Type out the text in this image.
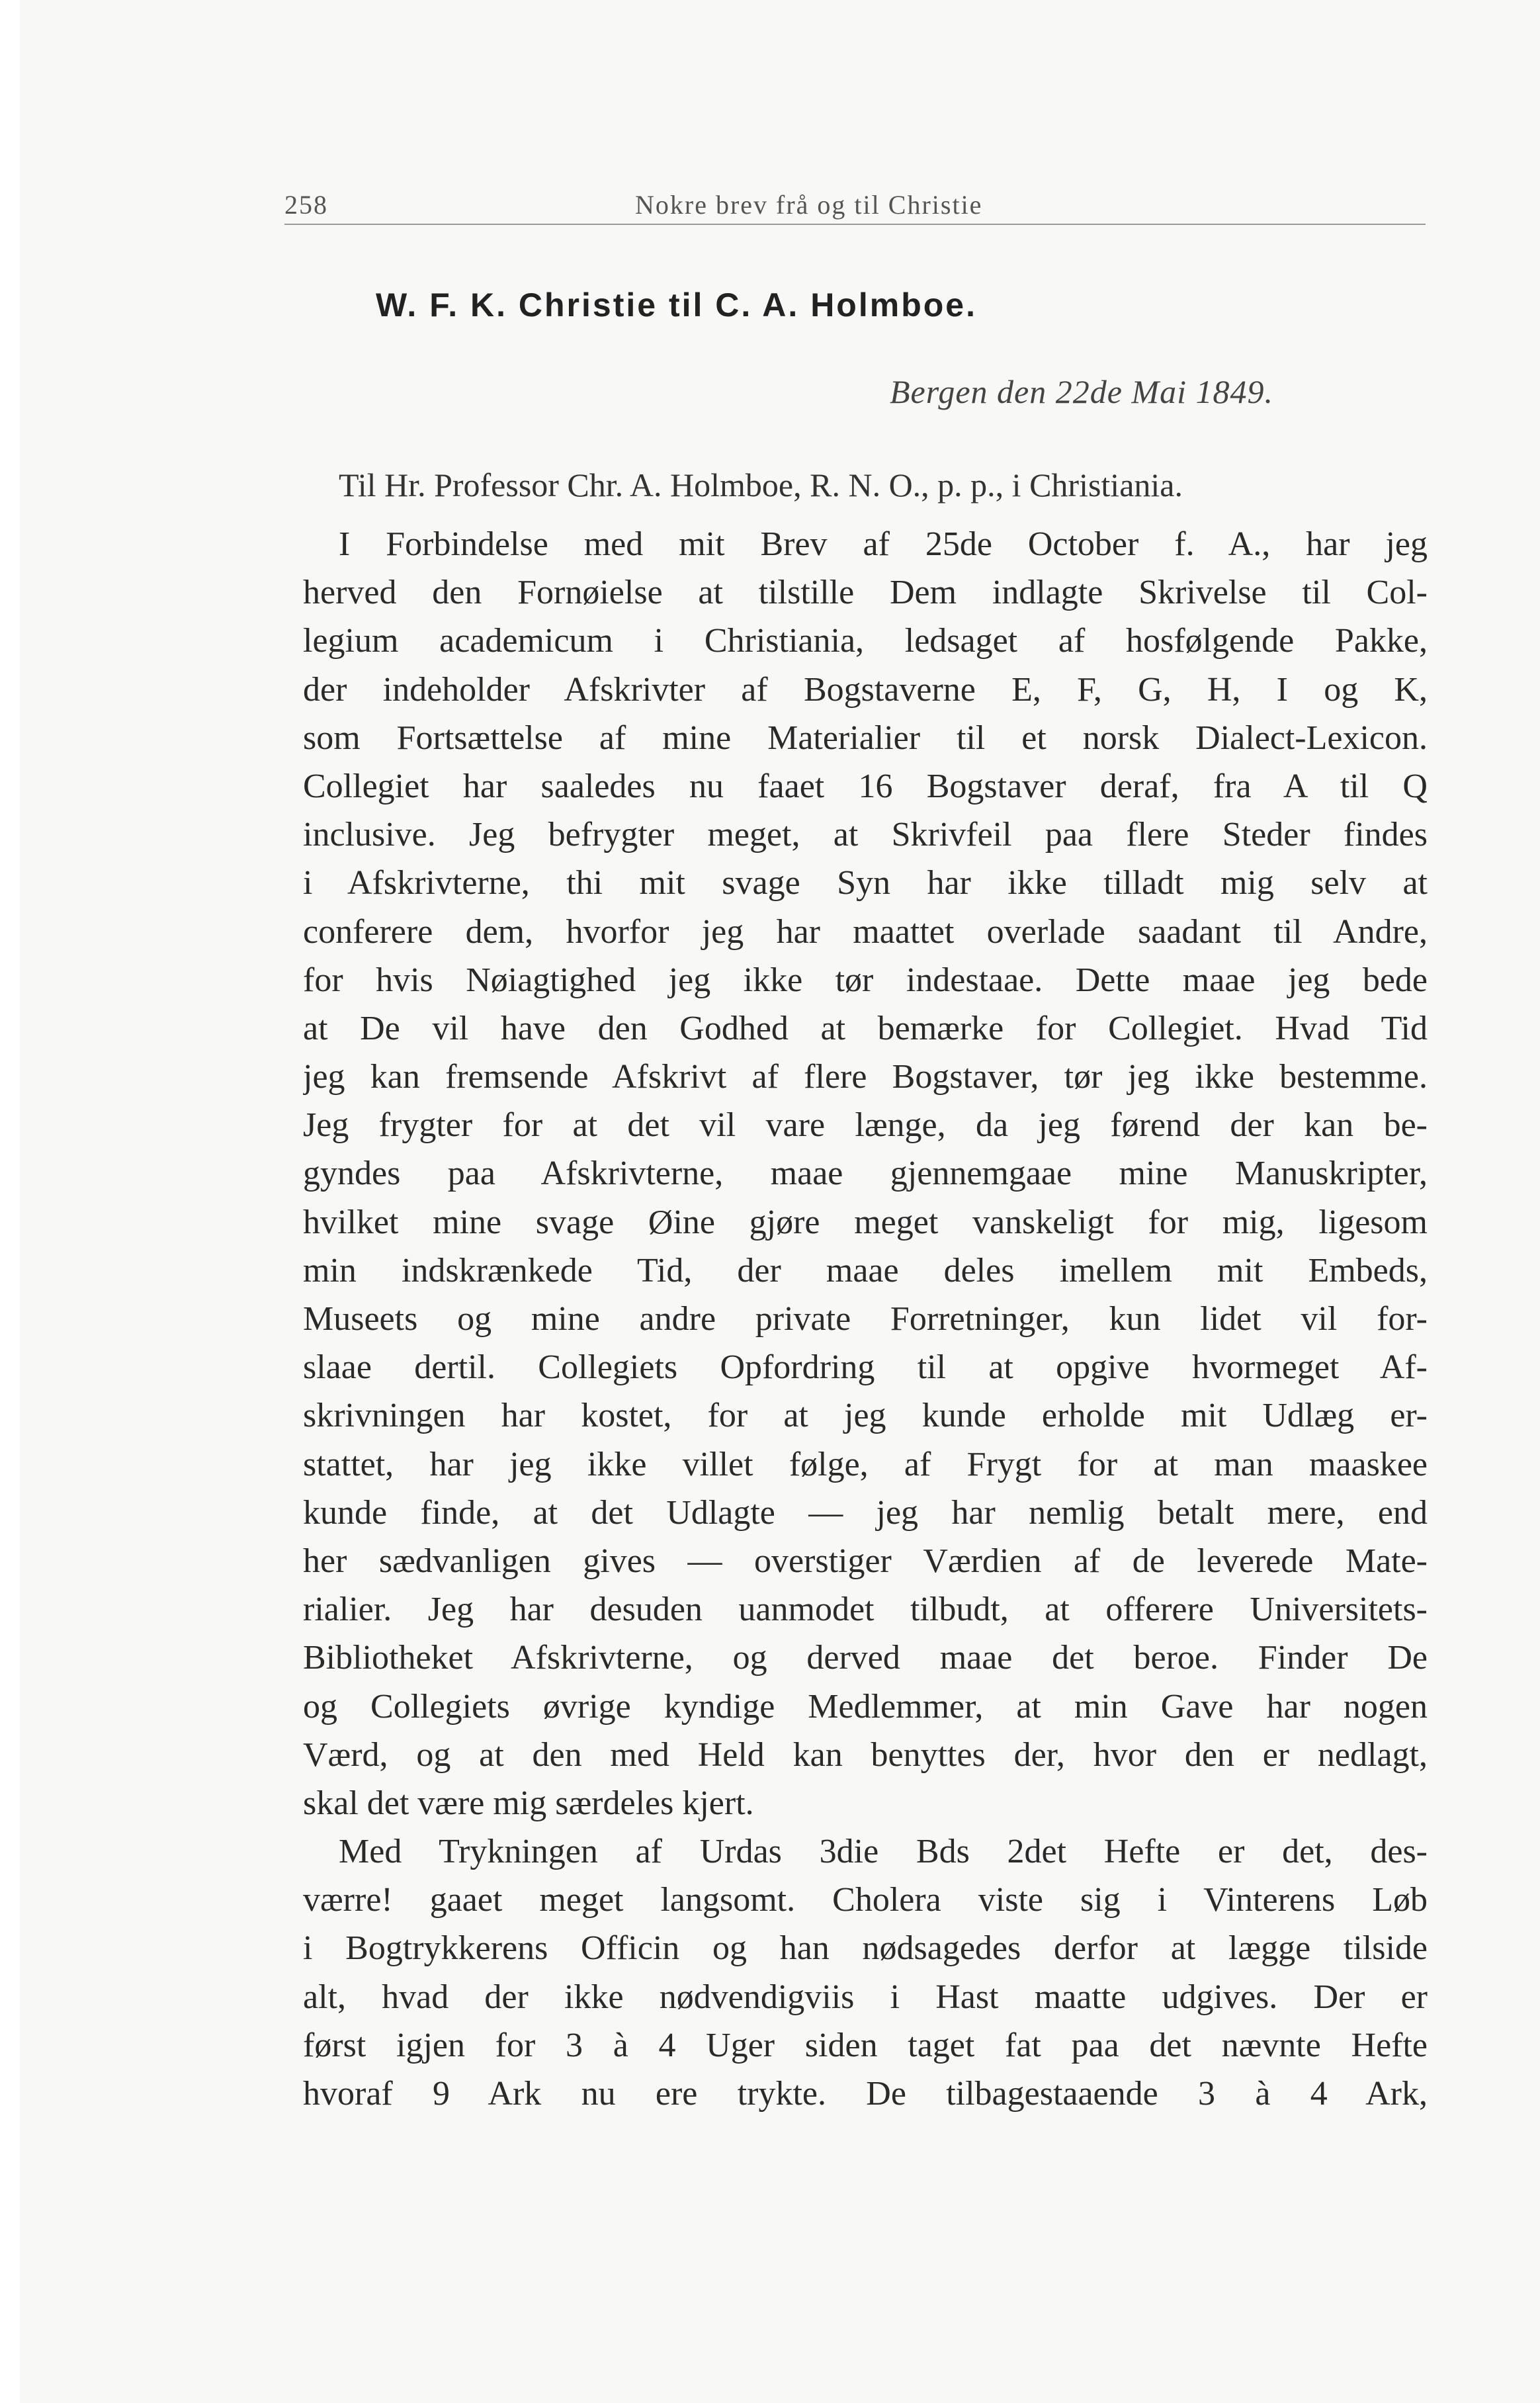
258	Nokre brev frå og til Christie
W. F. K. Christie til C. A. Holmboe.
Bergen den 22de Mai 1849.
Til Hr. Professor Chr. A. Holmboe, R. N. O., p. p., i Christiania.
I Forbindelse med mit Brev af 25de October f. A., har jeg
herved den Fornøielse at tilstille Dem indlagte Skrivelse til Col-
legium academicum i Christiania, ledsaget af hosfølgende Pakke,
der indeholder Afskrivter af Bogstaverne E, F, G, H, I og K,
som Fortsættelse af mine Materialier til et norsk Dialect-Lexicon.
Collegiet har saaledes nu faaet 16 Bogstaver deraf, fra A til Q
inclusive. Jeg befrygter meget, at Skrivfeil paa flere Steder findes
i Afskrivterne, thi mit svage Syn har ikke tilladt mig selv at
conferere dem, hvorfor jeg har maattet overlade saadant til Andre,
for hvis Nøiagtighed jeg ikke tør indestaae. Dette maae jeg bede
at De vil have den Godhed at bemærke for Collegiet. Hvad Tid
jeg kan fremsende Afskrivt af flere Bogstaver, tør jeg ikke bestemme.
Jeg frygter for at det vil vare længe, da jeg førend der kan be-
gyndes paa Afskrivterne, maae gjennemgaae mine Manuskripter,
hvilket mine svage Øine gjøre meget vanskeligt for mig, ligesom
min indskrænkede Tid, der maae deles imellem mit Embeds,
Museets og mine andre private Forretninger, kun lidet vil for-
slaae dertil. Collegiets Opfordring til at opgive hvormeget Af-
skrivningen har kostet, for at jeg kunde erholde mit Udlæg er-
stattet, har jeg ikke villet følge, af Frygt for at man maaskee
kunde finde, at det Udlagte — jeg har nemlig betalt mere, end
her sædvanligen gives — overstiger Værdien af de leverede Mate-
rialier. Jeg har desuden uanmodet tilbudt, at offerere Universitets-
Bibliotheket Afskrivterne, og derved maae det beroe. Finder De
og Collegiets øvrige kyndige Medlemmer, at min Gave har nogen
Værd, og at den med Held kan benyttes der, hvor den er nedlagt,
skal det være mig særdeles kjert.
Med Trykningen af Urdas 3die Bds 2det Hefte er det, des-
værre! gaaet meget langsomt. Cholera viste sig i Vinterens Løb
i Bogtrykkerens Officin og han nødsagedes derfor at lægge tilside
alt, hvad der ikke nødvendigviis i Hast maatte udgives. Der er
først igjen for 3 à 4 Uger siden taget fat paa det nævnte Hefte
hvoraf 9 Ark nu ere trykte. De tilbagestaaende 3 à 4 Ark,
